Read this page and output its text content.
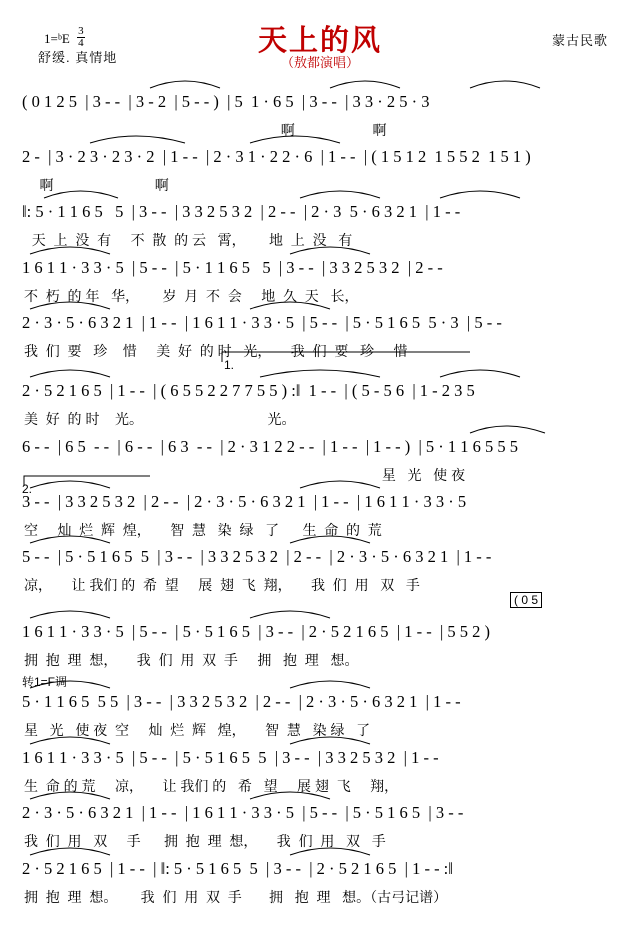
1=ᵇE $\frac{3}{4}$
舒缓. 真情地
天上的风
（敖都演唱）
蒙古民歌
( 0 1 2 5  | 3 - -  | 3 - 2  | 5 - - )  | 5  1 · 6 5  | 3 - -  | 3 3 · 2 5 · 3
啊                    啊
2 -  | 3 · 2 3 · 2 3 · 2  | 1 - -  | 2 · 3 1 · 2 2 · 6  | 1 - -  | ( 1 5 1 2  1 5 5 2  1 5 1 )
啊                          啊
‖: 5 · 1 1 6 5   5  | 3 - -  | 3 3 2 5 3 2  | 2 - -  | 2 · 3  5 · 6 3 2 1  | 1 - -
天  上  没  有     不  散  的 云   霄，      地  上  没   有
1 6 1 1 · 3 3 · 5  | 5 - -  | 5 · 1 1 6 5   5  | 3 - -  | 3 3 2 5 3 2  | 2 - -
不  朽  的 年   华，      岁  月  不  会     地  久  天   长，
2 · 3 · 5 · 6 3 2 1  | 1 - -  | 1 6 1 1 · 3 3 · 5  | 5 - -  | 5 · 5 1 6 5  5 · 3  | 5 - -
我  们  要   珍    惜     美  好  的 时   光，     我  们  要   珍     惜
2 · 5 2 1 6 5  | 1 - -  | ( 6 5 5 2 2 7 7 5 5 ) :‖  1 - -  | ( 5 - 5 6  | 1 - 2 3 5
美  好  的 时    光。                                光。
6 - -  | 6 5  - -  | 6 - -  | 6 3  - -  | 2 · 3 1 2 2 - -  | 1 - -  | 1 - - )  | 5 · 1 1 6 5 5 5
星   光   使 夜
3 - -  | 3 3 2 5 3 2  | 2 - -  | 2 · 3 · 5 · 6 3 2 1  | 1 - -  | 1 6 1 1 · 3 3 · 5
空     灿  烂  辉  煌，     智  慧   染  绿   了      生  命  的  荒
5 - -  | 5 · 5 1 6 5  5  | 3 - -  | 3 3 2 5 3 2  | 2 - -  | 2 · 3 · 5 · 6 3 2 1  | 1 - -
凉，     让 我们 的  希  望     展  翅  飞  翔，     我  们  用   双   手
1 6 1 1 · 3 3 · 5  | 5 - -  | 5 · 5 1 6 5  | 3 - -  | 2 · 5 2 1 6 5  | 1 - -  | 5 5 2 )
拥  抱  理  想，     我  们  用  双  手     拥   抱  理   想。
5 · 1 1 6 5  5 5  | 3 - -  | 3 3 2 5 3 2  | 2 - -  | 2 · 3 · 5 · 6 3 2 1  | 1 - -
星   光   使 夜  空     灿  烂  辉   煌，     智  慧   染 绿   了
1 6 1 1 · 3 3 · 5  | 5 - -  | 5 · 5 1 6 5  5  | 3 - -  | 3 3 2 5 3 2  | 1 - -
生  命 的 荒     凉，     让 我们 的   希   望     展 翅  飞     翔，
2 · 3 · 5 · 6 3 2 1  | 1 - -  | 1 6 1 1 · 3 3 · 5  | 5 - -  | 5 · 5 1 6 5  | 3 - -
我  们  用   双     手      拥  抱  理  想，     我  们  用   双   手
2 · 5 2 1 6 5  | 1 - -  | ‖: 5 · 5 1 6 5  5  | 3 - -  | 2 · 5 2 1 6 5  | 1 - - :‖
拥  抱  理  想。      我  们  用  双  手       拥   抱  理   想。（古弓记谱）
转1=F调
( 0 5
1.
2.
